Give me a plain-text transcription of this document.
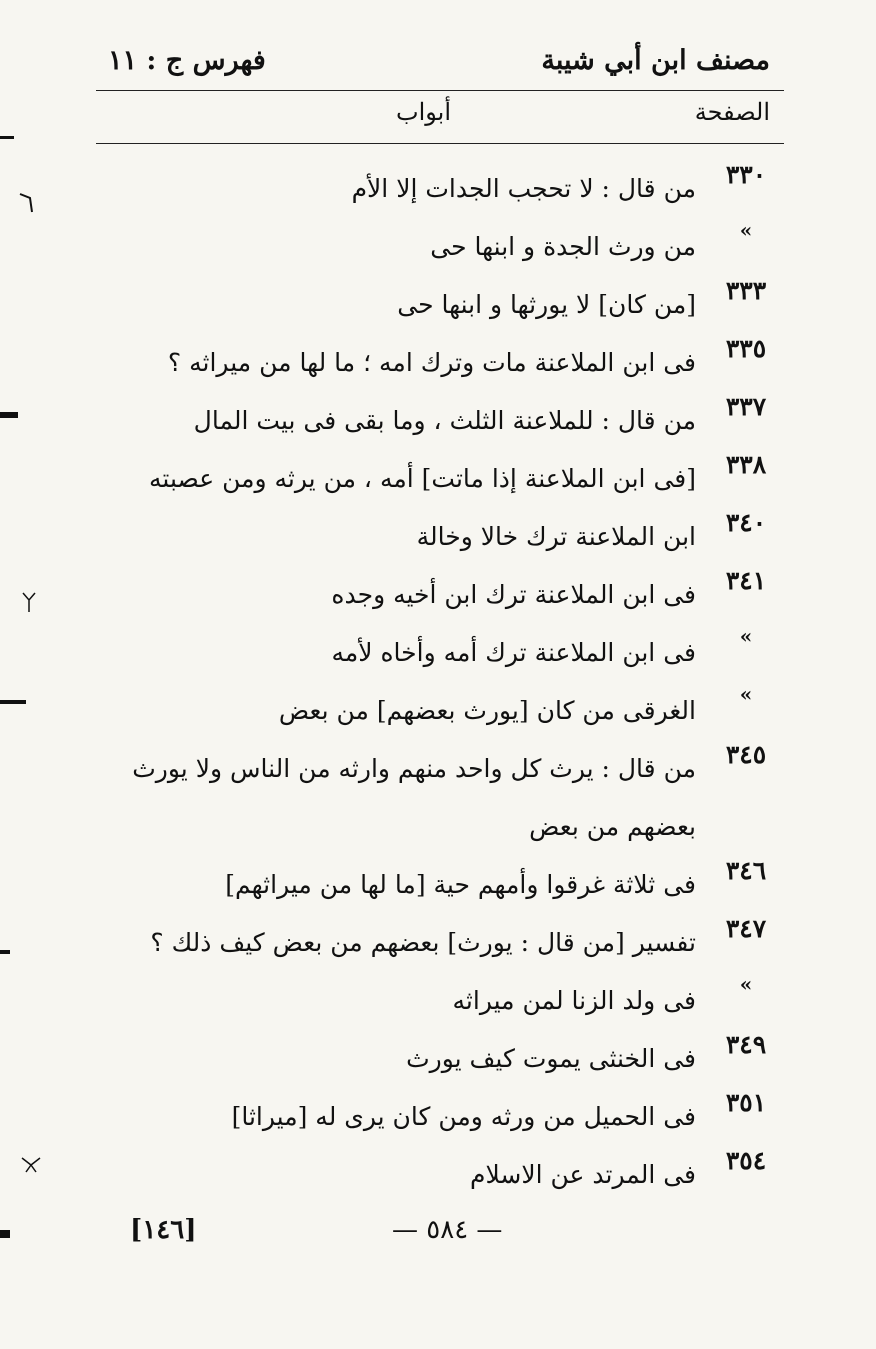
مصنف ابن أبي شيبة
فهرس ج : ١١
الصفحة
أبواب
٣٣٠
من قال : لا تحجب الجدات إلا الأم
»
من ورث الجدة و ابنها حى
٣٣٣
[من كان] لا يورثها و ابنها حى
٣٣٥
فى ابن الملاعنة مات وترك امه ؛ ما لها من ميراثه ؟
٣٣٧
من قال : للملاعنة الثلث ، وما بقى فى بيت المال
٣٣٨
[فى ابن الملاعنة إذا ماتت] أمه ، من يرثه ومن عصبته
٣٤٠
ابن الملاعنة ترك خالا وخالة
٣٤١
فى ابن الملاعنة ترك ابن أخيه وجده
»
فى ابن الملاعنة ترك أمه وأخاه لأمه
»
الغرقى من كان [يورث بعضهم] من بعض
٣٤٥
من قال : يرث كل واحد منهم وارثه من الناس ولا يورث بعضهم من بعض
٣٤٦
فى ثلاثة غرقوا وأمهم حية [ما لها من ميراثهم]
٣٤٧
تفسير [من قال : يورث] بعضهم من بعض كيف ذلك ؟
»
فى ولد الزنا لمن ميراثه
٣٤٩
فى الخنثى يموت كيف يورث
٣٥١
فى الحميل من ورثه ومن كان يرى له [ميراثا]
٣٥٤
فى المرتد عن الاسلام
— ٥٨٤ —
[١٤٦]
